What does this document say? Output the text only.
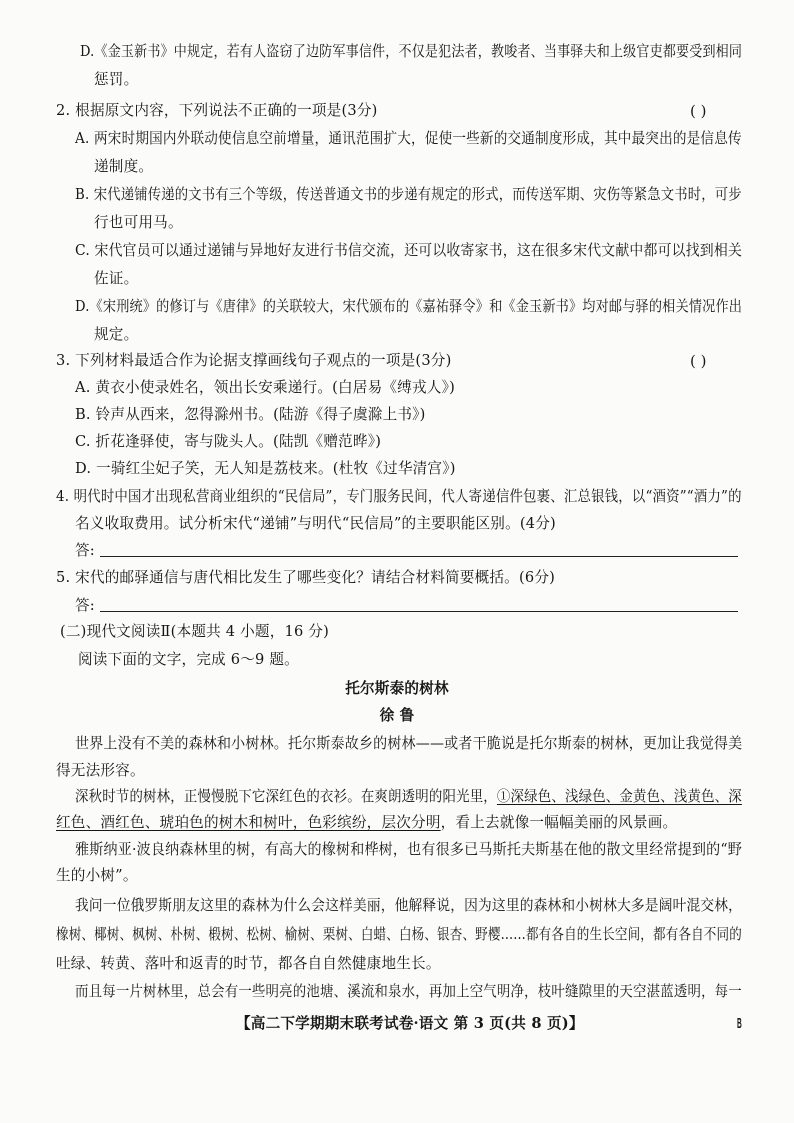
D.《金玉新书》中规定，若有人盗窃了边防军事信件，不仅是犯法者，教唆者、当事驿夫和上级官吏都要受到相同
惩罚。
2. 根据原文内容，下列说法不正确的一项是(3分)	( )
A. 两宋时期国内外联动使信息空前增量，通讯范围扩大，促使一些新的交通制度形成，其中最突出的是信息传
递制度。
B. 宋代递铺传递的文书有三个等级，传送普通文书的步递有规定的形式，而传送军期、灾伤等紧急文书时，可步
行也可用马。
C. 宋代官员可以通过递铺与异地好友进行书信交流，还可以收寄家书，这在很多宋代文献中都可以找到相关
佐证。
D.《宋刑统》的修订与《唐律》的关联较大，宋代颁布的《嘉祐驿令》和《金玉新书》均对邮与驿的相关情况作出
规定。
3. 下列材料最适合作为论据支撑画线句子观点的一项是(3分)	( )
A. 黄衣小使录姓名，领出长安乘递行。(白居易《缚戎人》)
B. 铃声从西来，忽得滁州书。(陆游《得子虞滁上书》)
C. 折花逢驿使，寄与陇头人。(陆凯《赠范晔》)
D. 一骑红尘妃子笑，无人知是荔枝来。(杜牧《过华清宫》)
4. 明代时中国才出现私营商业组织的“民信局”，专门服务民间，代人寄递信件包裹、汇总银钱，以“酒资”“酒力”的
名义收取费用。试分析宋代“递铺”与明代“民信局”的主要职能区别。(4分)
答:
5. 宋代的邮驿通信与唐代相比发生了哪些变化？请结合材料简要概括。(6分)
答:
(二)现代文阅读Ⅱ(本题共 4 小题，16 分)
阅读下面的文字，完成 6～9 题。
托尔斯泰的树林
徐 鲁
世界上没有不美的森林和小树林。托尔斯泰故乡的树林——或者干脆说是托尔斯泰的树林，更加让我觉得美
得无法形容。
深秋时节的树林，正慢慢脱下它深红色的衣衫。在爽朗透明的阳光里，①深绿色、浅绿色、金黄色、浅黄色、深
红色、酒红色、琥珀色的树木和树叶，色彩缤纷，层次分明，看上去就像一幅幅美丽的风景画。
雅斯纳亚·波良纳森林里的树，有高大的橡树和桦树，也有很多已马斯托夫斯基在他的散文里经常提到的“野
生的小树”。
我问一位俄罗斯朋友这里的森林为什么会这样美丽，他解释说，因为这里的森林和小树林大多是阔叶混交林，
橡树、椰树、枫树、朴树、椴树、松树、榆树、栗树、白蜡、白杨、银杏、野樱……都有各自的生长空间，都有各自不同的
吐绿、转黄、落叶和返青的时节，都各自自然健康地生长。
而且每一片树林里，总会有一些明亮的池塘、溪流和泉水，再加上空气明净，枝叶缝隙里的天空湛蓝透明，每一
【高二下学期期末联考试卷·语文 第 3 页(共 8 页)】	B
